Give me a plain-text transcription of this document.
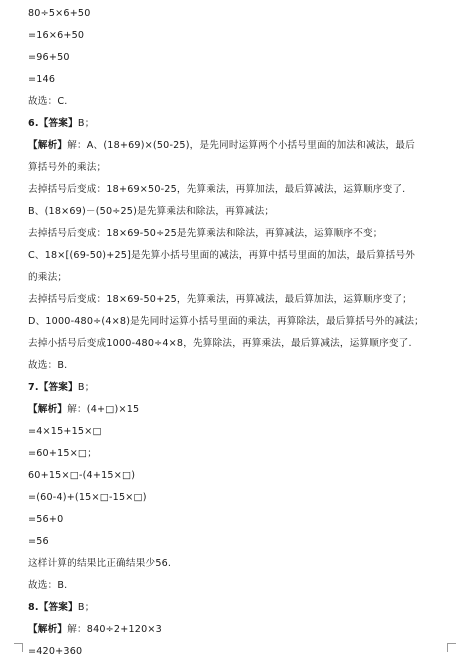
80÷5×6+50
=16×6+50
=96+50
=146
故选：C.
6.【答案】B；
【解析】解：A、(18+69)×(50-25)，是先同时运算两个小括号里面的加法和减法，最后
算括号外的乘法；
去掉括号后变成：18+69×50-25，先算乘法，再算加法，最后算减法，运算顺序变了.
B、(18×69)－(50÷25)是先算乘法和除法，再算减法；
去掉括号后变成：18×69-50÷25是先算乘法和除法，再算减法，运算顺序不变；
C、18×[(69-50)+25]是先算小括号里面的减法，再算中括号里面的加法，最后算括号外
的乘法；
去掉括号后变成：18×69-50+25，先算乘法，再算减法，最后算加法，运算顺序变了；
D、1000-480÷(4×8)是先同时运算小括号里面的乘法，再算除法，最后算括号外的减法；
去掉小括号后变成1000-480÷4×8，先算除法，再算乘法，最后算减法，运算顺序变了.
故选：B.
7.【答案】B；
【解析】解：(4+□)×15
=4×15+15×□
=60+15×□；
60+15×□-(4+15×□)
=(60-4)+(15×□-15×□)
=56+0
=56
这样计算的结果比正确结果少56.
故选：B.
8.【答案】B；
【解析】解：840÷2+120×3
=420+360
